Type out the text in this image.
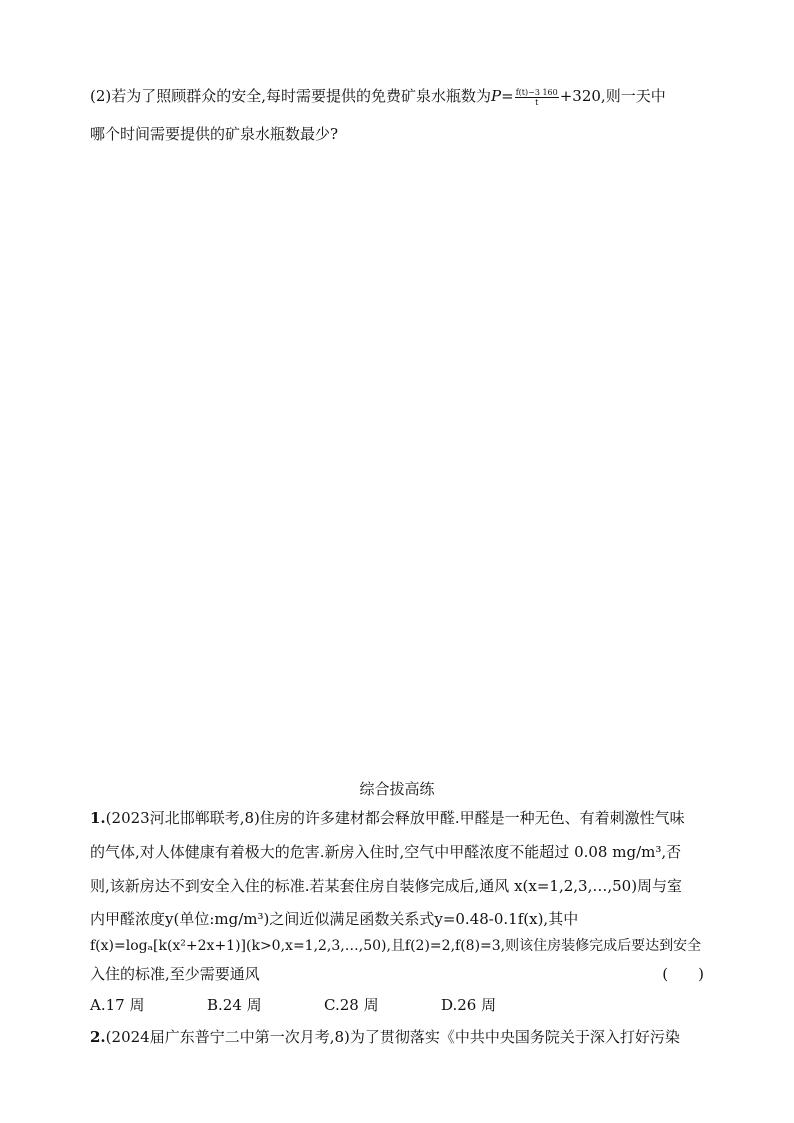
(2)若为了照顾群众的安全,每时需要提供的免费矿泉水瓶数为$P= \frac{f(t)-3 160}{t} +320$,则一天中
哪个时间需要提供的矿泉水瓶数最少?
综合拔高练
1.(2023河北邯郸联考,8)住房的许多建材都会释放甲醛.甲醛是一种无色、有着刺激性气味
的气体,对人体健康有着极大的危害.新房入住时,空气中甲醛浓度不能超过 0.08 mg/m³,否
则,该新房达不到安全入住的标准.若某套住房自装修完成后,通风 x(x=1,2,3,…,50)周与室
内甲醛浓度y(单位:mg/m³)之间近似满足函数关系式y=0.48-0.1f(x),其中
f(x)=logₐ[k(x²+2x+1)](k>0,x=1,2,3,…,50),且f(2)=2,f(8)=3,则该住房装修完成后要达到安全
入住的标准,至少需要通风	(　　)
A.17 周	B.24 周	C.28 周	D.26 周
2.(2024届广东普宁二中第一次月考,8)为了贯彻落实《中共中央国务院关于深入打好污染
